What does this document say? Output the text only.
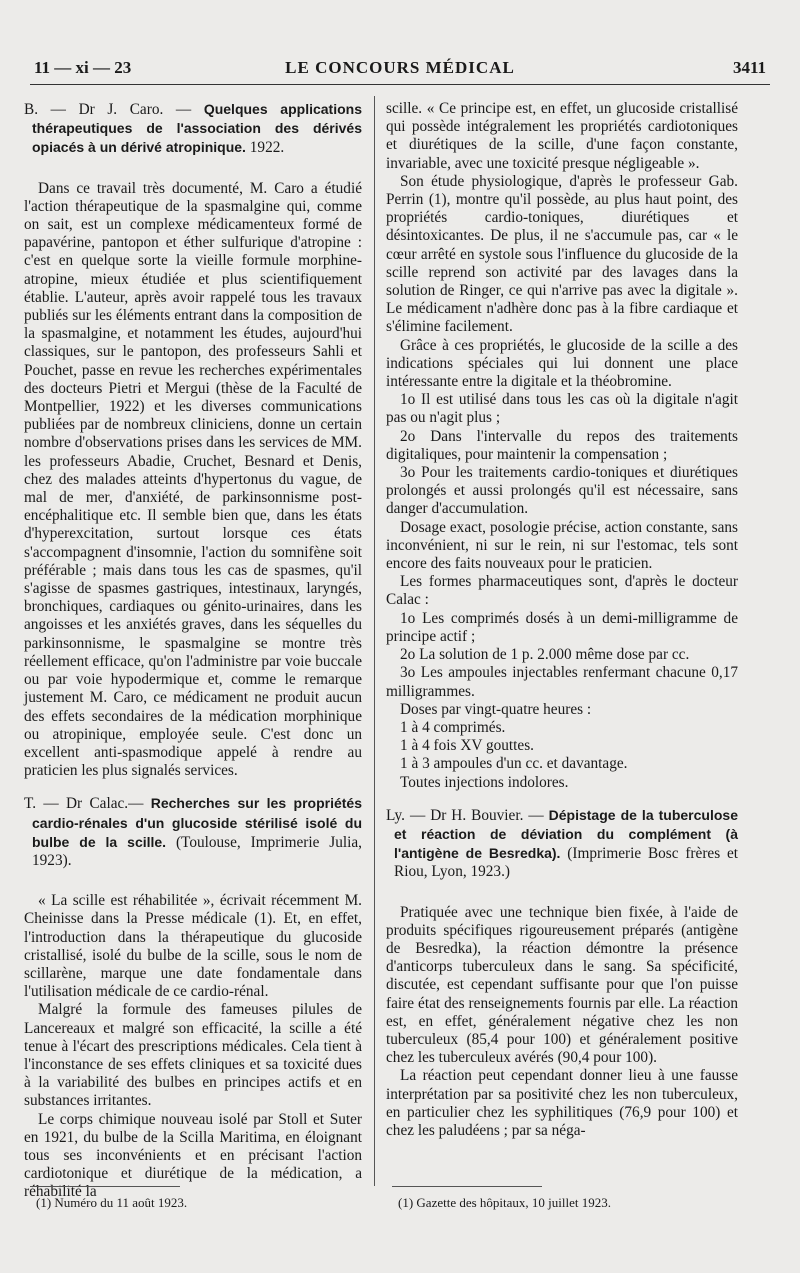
11 — xi — 23	LE CONCOURS MÉDICAL	3411
B. — Dr J. Caro. — Quelques applications thérapeutiques de l'association des dérivés opiacés à un dérivé atropinique. 1922.

Dans ce travail très documenté, M. Caro a étudié l'action thérapeutique de la spasmalgine qui, comme on sait, est un complexe médicamenteux formé de papavérine, pantopon et éther sulfurique d'atropine : c'est en quelque sorte la vieille formule morphine-atropine, mieux étudiée et plus scientifiquement établie. L'auteur, après avoir rappelé tous les travaux publiés sur les éléments entrant dans la composition de la spasmalgine, et notamment les études, aujourd'hui classiques, sur le pantopon, des professeurs Sahli et Pouchet, passe en revue les recherches expérimentales des docteurs Pietri et Mergui (thèse de la Faculté de Montpellier, 1922) et les diverses communications publiées par de nombreux cliniciens, donne un certain nombre d'observations prises dans les services de MM. les professeurs Abadie, Cruchet, Besnard et Denis, chez des malades atteints d'hypertonus du vague, de mal de mer, d'anxiété, de parkinsonnisme post-encéphalitique etc. Il semble bien que, dans les états d'hyperexcitation, surtout lorsque ces états s'accompagnent d'insomnie, l'action du somnifène soit préférable ; mais dans tous les cas de spasmes, qu'il s'agisse de spasmes gastriques, intestinaux, laryngés, bronchiques, cardiaques ou génito-urinaires, dans les angoisses et les anxiétés graves, dans les séquelles du parkinsonnisme, le spasmalgine se montre très réellement efficace, qu'on l'administre par voie buccale ou par voie hypodermique et, comme le remarque justement M. Caro, ce médicament ne produit aucun des effets secondaires de la médication morphinique ou atropinique, employée seule. C'est donc un excellent anti-spasmodique appelé à rendre au praticien les plus signalés services.

T. — Dr Calac.— Recherches sur les propriétés cardio-rénales d'un glucoside stérilisé isolé du bulbe de la scille. (Toulouse, Imprimerie Julia, 1923).

« La scille est réhabilitée », écrivait récemment M. Cheinisse dans la Presse médicale (1). Et, en effet, l'introduction dans la thérapeutique du glucoside cristallisé, isolé du bulbe de la scille, sous le nom de scillarène, marque une date fondamentale dans l'utilisation médicale de ce cardio-rénal.

Malgré la formule des fameuses pilules de Lancereaux et malgré son efficacité, la scille a été tenue à l'écart des prescriptions médicales. Cela tient à l'inconstance de ses effets cliniques et sa toxicité dues à la variabilité des bulbes en principes actifs et en substances irritantes.

Le corps chimique nouveau isolé par Stoll et Suter en 1921, du bulbe de la Scilla Maritima, en éloignant tous ses inconvénients et en précisant l'action cardiotonique et diurétique de la médication, a réhabilité la

(1) Numéro du 11 août 1923.

scille. « Ce principe est, en effet, un glucoside cristallisé qui possède intégralement les propriétés cardiotoniques et diurétiques de la scille, d'une façon constante, invariable, avec une toxicité presque négligeable ».

Son étude physiologique, d'après le professeur Gab. Perrin (1), montre qu'il possède, au plus haut point, des propriétés cardio-toniques, diurétiques et désintoxicantes. De plus, il ne s'accumule pas, car « le cœur arrêté en systole sous l'influence du glucoside de la scille reprend son activité par des lavages dans la solution de Ringer, ce qui n'arrive pas avec la digitale ». Le médicament n'adhère donc pas à la fibre cardiaque et s'élimine facilement.

Grâce à ces propriétés, le glucoside de la scille a des indications spéciales qui lui donnent une place intéressante entre la digitale et la théobromine.

1o Il est utilisé dans tous les cas où la digitale n'agit pas ou n'agit plus ;

2o Dans l'intervalle du repos des traitements digitaliques, pour maintenir la compensation ;

3o Pour les traitements cardio-toniques et diurétiques prolongés et aussi prolongés qu'il est nécessaire, sans danger d'accumulation.

Dosage exact, posologie précise, action constante, sans inconvénient, ni sur le rein, ni sur l'estomac, tels sont encore des faits nouveaux pour le praticien.

Les formes pharmaceutiques sont, d'après le docteur Calac :

1o Les comprimés dosés à un demi-milligramme de principe actif ;

2o La solution de 1 p. 2.000 même dose par cc.

3o Les ampoules injectables renfermant chacune 0,17 milligrammes.

Doses par vingt-quatre heures :

1 à 4 comprimés.

1 à 4 fois XV gouttes.

1 à 3 ampoules d'un cc. et davantage.

Toutes injections indolores.

Ly. — Dr H. Bouvier. — Dépistage de la tuberculose et réaction de déviation du complément (à l'antigène de Besredka). (Imprimerie Bosc frères et Riou, Lyon, 1923.)

Pratiquée avec une technique bien fixée, à l'aide de produits spécifiques rigoureusement préparés (antigène de Besredka), la réaction démontre la présence d'anticorps tuberculeux dans le sang. Sa spécificité, discutée, est cependant suffisante pour que l'on puisse faire état des renseignements fournis par elle. La réaction est, en effet, généralement négative chez les non tuberculeux (85,4 pour 100) et généralement positive chez les tuberculeux avérés (90,4 pour 100).

La réaction peut cependant donner lieu à une fausse interprétation par sa positivité chez les non tuberculeux, en particulier chez les syphilitiques (76,9 pour 100) et chez les paludéens ; par sa néga-

(1) Gazette des hôpitaux, 10 juillet 1923.
